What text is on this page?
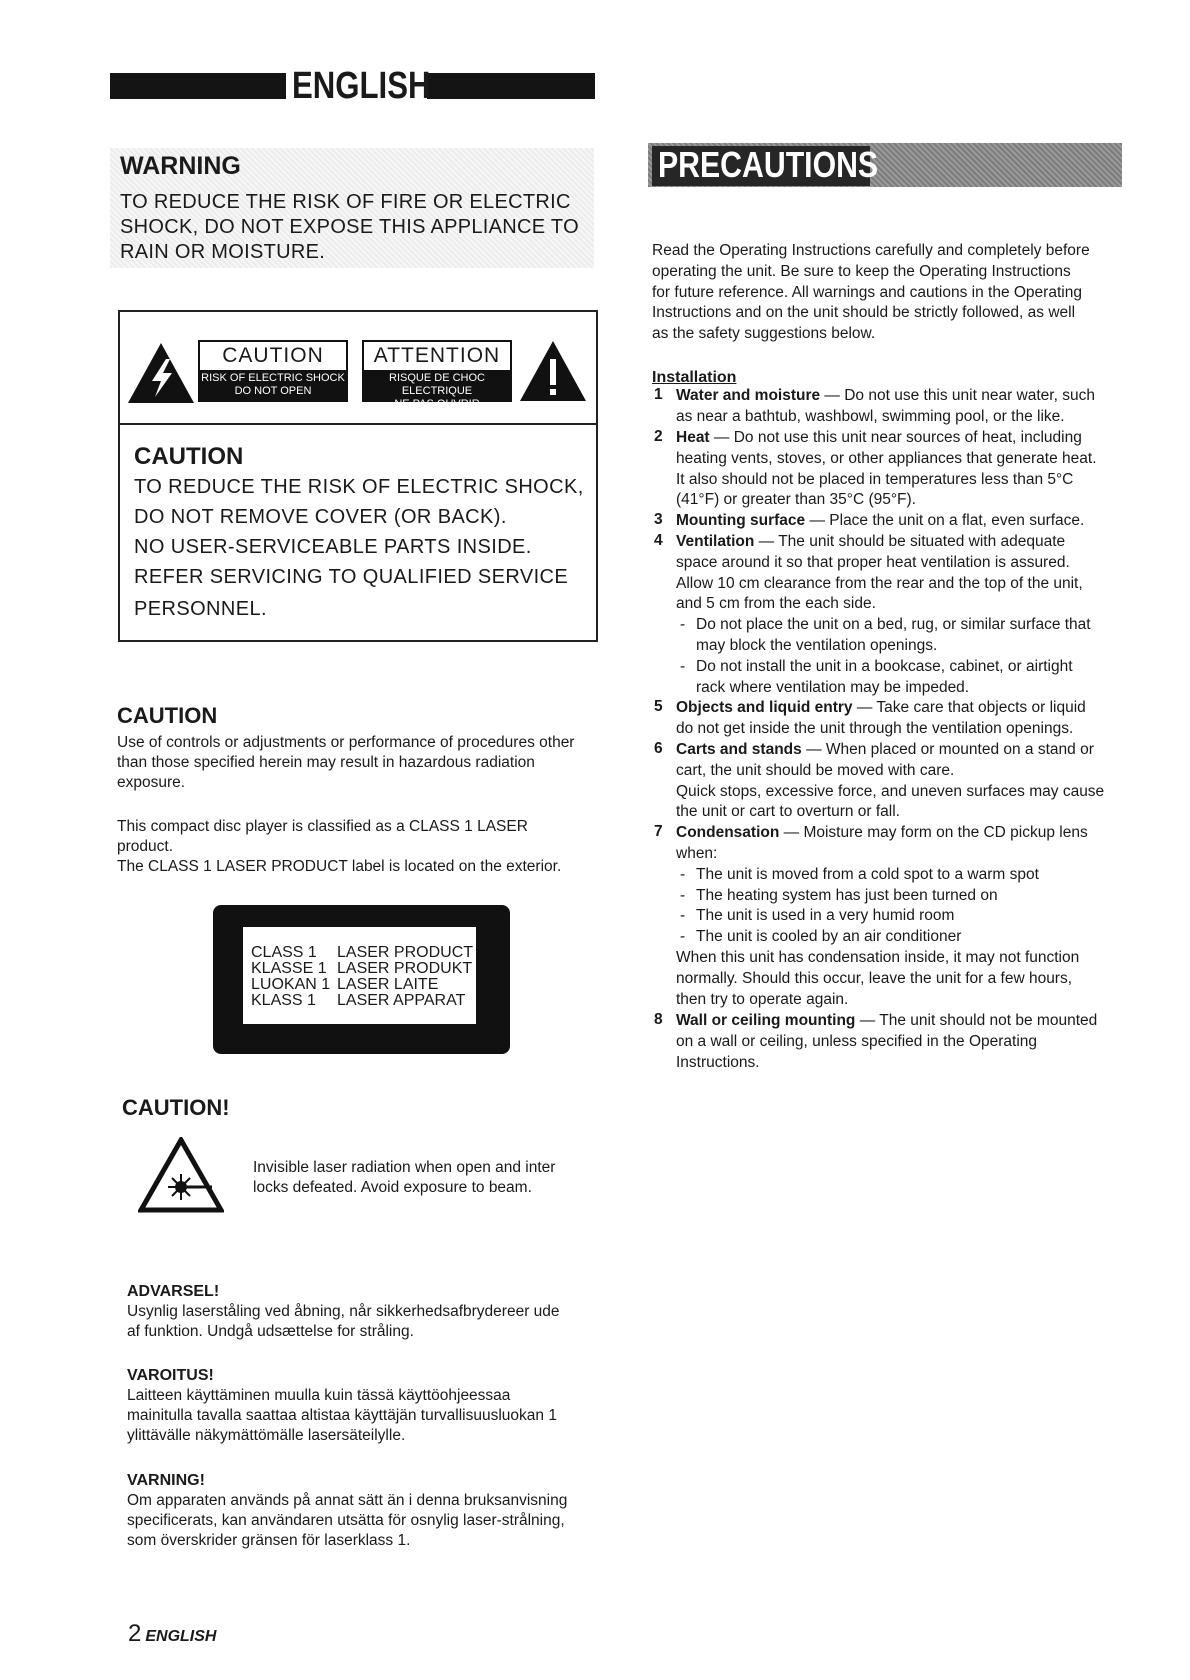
ENGLISH
WARNING
TO REDUCE THE RISK OF FIRE OR ELECTRIC
SHOCK, DO NOT EXPOSE THIS APPLIANCE TO
RAIN OR MOISTURE.
CAUTION
RISK OF ELECTRIC SHOCK
DO NOT OPEN
ATTENTION
RISQUE DE CHOC ELECTRIQUE
NE PAS OUVRIR
CAUTION
TO REDUCE THE RISK OF ELECTRIC SHOCK,
DO NOT REMOVE COVER (OR BACK).
NO USER-SERVICEABLE PARTS INSIDE.
REFER SERVICING TO QUALIFIED SERVICE
PERSONNEL.
CAUTION
Use of controls or adjustments or performance of procedures other
than those specified herein may result in hazardous radiation
exposure.
This compact disc player is classified as a CLASS 1 LASER
product.
The CLASS 1 LASER PRODUCT label is located on the exterior.
CLASS 1 LASER PRODUCT
KLASSE 1 LASER PRODUKT
LUOKAN 1 LASER LAITE
KLASS 1 LASER APPARAT
CAUTION!
Invisible laser radiation when open and inter
locks defeated. Avoid exposure to beam.
ADVARSEL!
Usynlig laserståling ved åbning, når sikkerhedsafbrydereer ude
af funktion. Undgå udsættelse for stråling.
VAROITUS!
Laitteen käyttäminen muulla kuin tässä käyttöohjeessaa
mainitulla tavalla saattaa altistaa käyttäjän turvallisuusluokan 1
ylittävälle näkymättömälle lasersäteilylle.
VARNING!
Om apparaten används på annat sätt än i denna bruksanvisning
specificerats, kan användaren utsätta för osnylig laser-strålning,
som överskrider gränsen för laserklass 1.
PRECAUTIONS
Read the Operating Instructions carefully and completely before
operating the unit. Be sure to keep the Operating Instructions
for future reference. All warnings and cautions in the Operating
Instructions and on the unit should be strictly followed, as well
as the safety suggestions below.
Installation
1 Water and moisture — Do not use this unit near water, such
as near a bathtub, washbowl, swimming pool, or the like.
2 Heat — Do not use this unit near sources of heat, including
heating vents, stoves, or other appliances that generate heat.
It also should not be placed in temperatures less than 5°C
(41°F) or greater than 35°C (95°F).
3 Mounting surface — Place the unit on a flat, even surface.
4 Ventilation — The unit should be situated with adequate
space around it so that proper heat ventilation is assured.
Allow 10 cm clearance from the rear and the top of the unit,
and 5 cm from the each side.
- Do not place the unit on a bed, rug, or similar surface that
may block the ventilation openings.
- Do not install the unit in a bookcase, cabinet, or airtight
rack where ventilation may be impeded.
5 Objects and liquid entry — Take care that objects or liquid
do not get inside the unit through the ventilation openings.
6 Carts and stands — When placed or mounted on a stand or
cart, the unit should be moved with care.
Quick stops, excessive force, and uneven surfaces may cause
the unit or cart to overturn or fall.
7 Condensation — Moisture may form on the CD pickup lens
when:
- The unit is moved from a cold spot to a warm spot
- The heating system has just been turned on
- The unit is used in a very humid room
- The unit is cooled by an air conditioner
When this unit has condensation inside, it may not function
normally. Should this occur, leave the unit for a few hours,
then try to operate again.
8 Wall or ceiling mounting — The unit should not be mounted
on a wall or ceiling, unless specified in the Operating
Instructions.
2 ENGLISH
